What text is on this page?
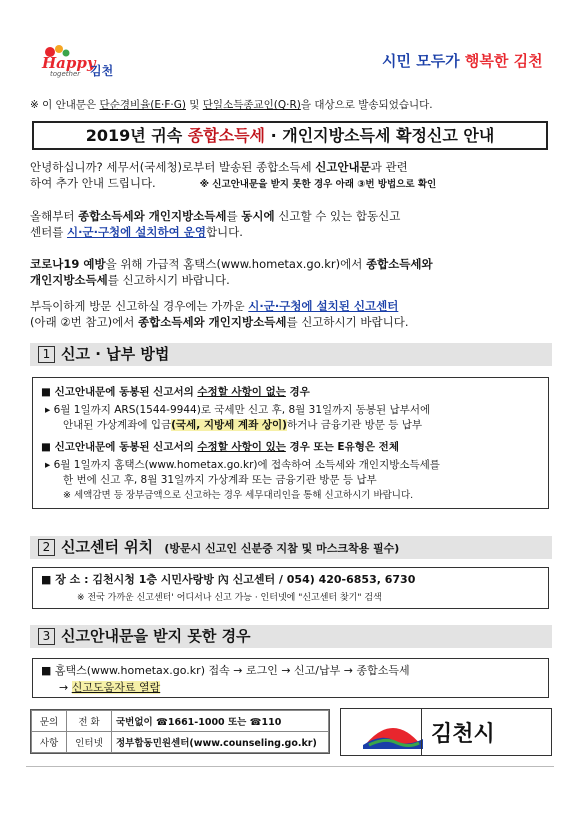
Happy
together 김천
시민 모두가 행복한 김천
※ 이 안내문은 단순경비율(E·F·G) 및 단일소득종교인(Q·R)을 대상으로 발송되었습니다.
2019년 귀속 종합소득세 · 개인지방소득세 확정신고 안내
안녕하십니까? 세무서(국세청)로부터 발송된 종합소득세 신고안내문과 관련
하여 추가 안내 드립니다.	※ 신고안내문을 받지 못한 경우 아래 ③번 방법으로 확인
올해부터 종합소득세와 개인지방소득세를 동시에 신고할 수 있는 합동신고
센터를 시·군·구청에 설치하여 운영합니다.
코로나19 예방을 위해 가급적 홈택스(www.hometax.go.kr)에서 종합소득세와
개인지방소득세를 신고하시기 바랍니다.
부득이하게 방문 신고하실 경우에는 가까운 시·군·구청에 설치된 신고센터
(아래 ②번 참고)에서 종합소득세와 개인지방소득세를 신고하시기 바랍니다.
1 신고 · 납부 방법
■ 신고안내문에 동봉된 신고서의 수정할 사항이 없는 경우
▸ 6월 1일까지 ARS(1544-9944)로 국세만 신고 후, 8월 31일까지 동봉된 납부서에
안내된 가상계좌에 입금(국세, 지방세 계좌 상이)하거나 금융기관 방문 등 납부
■ 신고안내문에 동봉된 신고서의 수정할 사항이 있는 경우 또는 E유형은 전체
▸ 6월 1일까지 홈택스(www.hometax.go.kr)에 접속하여 소득세와 개인지방소득세를
한 번에 신고 후, 8월 31일까지 가상계좌 또는 금융기관 방문 등 납부
※ 세액감면 등 장부금액으로 신고하는 경우 세무대리인을 통해 신고하시기 바랍니다.
2 신고센터 위치 (방문시 신고인 신분증 지참 및 마스크착용 필수)
■ 장 소 : 김천시청 1층 시민사랑방 內 신고센터 / 054) 420-6853, 6730
※ 전국 가까운 신고센터' 어디서나 신고 가능 · 인터넷에 "신고센터 찾기" 검색
3 신고안내문을 받지 못한 경우
■ 홈택스(www.hometax.go.kr) 접속 → 로그인 → 신고/납부 → 종합소득세
→ 신고도움자료 열람
문의	전 화	국번없이 ☎1661-1000 또는 ☎110
사항	인터넷	정부합동민원센터(www.counseling.go.kr)	김천시
